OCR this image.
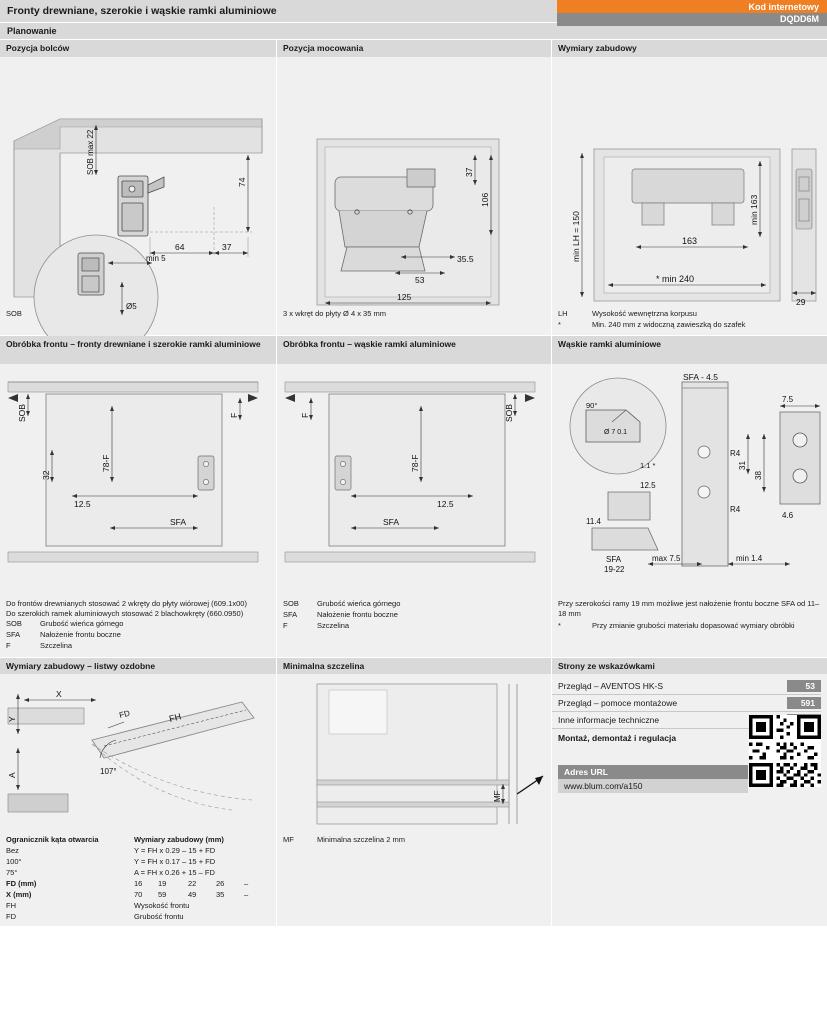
Fronty drewniane, szerokie i wąskie ramki aluminiowe	Kod internetowy
DQDD6M
Planowanie
Pozycja bolców
SOB max 22
74
64	37
min 5
Ø5
SOB	
Pozycja mocowania
37
106
35.5
53
125
3 x wkręt do płyty Ø 4 x 35 mm
Wymiary zabudowy
min LH = 150
min 163
163
* min 240
29
LH	Wysokość wewnętrzna korpusu
*	Min. 240 mm z widoczną zawieszką do szafek
Obróbka frontu – fronty drewniane i szerokie ramki aluminiowe
SOB
78-F
32
12.5
SFA
F
Do frontów drewnianych stosować 2 wkręty do płyty wiórowej (609.1x00)
Do szerokich ramek aluminiowych stosować 2 blachowkręty (660.0950)
SOB	Grubość wieńca górnego
SFA	Nałożenie frontu boczne
F	Szczelina
Obróbka frontu – wąskie ramki aluminiowe
F
78-F
SOB
12.5
SFA
SOB	Grubość wieńca górnego
SFA	Nałożenie frontu boczne
F	Szczelina
Wąskie ramki aluminiowe
90°
Ø 7 0.1
1.1 *
SFA - 4.5
R4
R4
31
38
7.5
4.6
12.5
11.4
SFA
19-22
max 7.5	min 1.4
Przy szerokości ramy 19 mm możliwe jest nałożenie frontu boczne SFA od 11–18 mm
*	Przy zmianie grubości materiału dopasować wymiary obróbki
Wymiary zabudowy – listwy ozdobne
Y
X
FD	FH
A	107°
Ogranicznik kąta otwarcia	Wymiary zabudowy (mm)				
Bez	Y = FH x 0.29 – 15 + FD				
100°	Y = FH x 0.17 – 15 + FD				
75°	A = FH x 0.26 + 15 – FD				
FD (mm)	16	19	22	26	–
X (mm)	70	59	49	35	–
FH	Wysokość frontu				
FD	Grubość frontu				
Minimalna szczelina
MF
MF	Minimalna szczelina 2 mm
Strony ze wskazówkami
Przegląd – AVENTOS HK-S	53
Przegląd – pomoce montażowe	591
Inne informacje techniczne
Montaż, demontaż i regulacja
Adres URL
www.blum.com/a150
